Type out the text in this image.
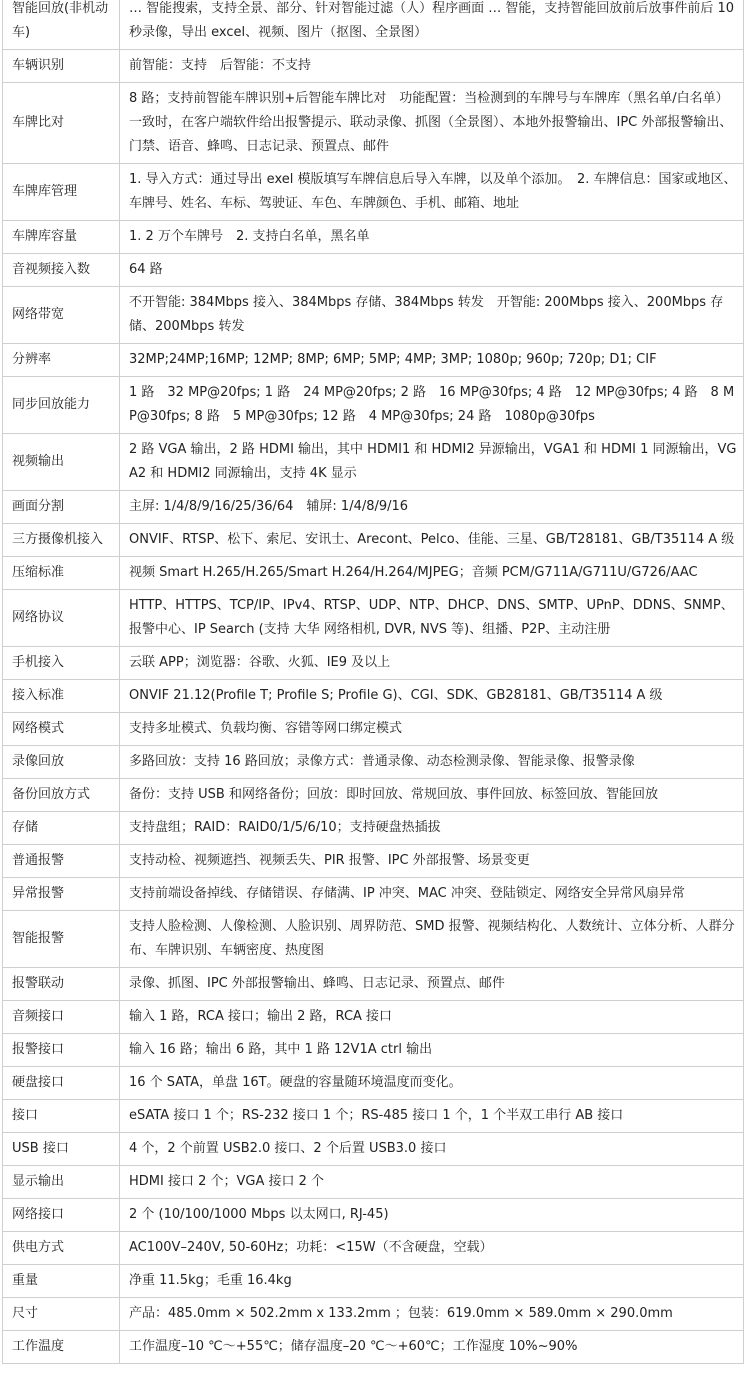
智能回放(非机动车)	… 智能搜索，支持全景、部分、针对智能过滤（人）程序画面 … 智能，支持智能回放前后放事件前后 10 秒录像，导出 excel、视频、图片（抠图、全景图）
车辆识别	前智能：支持　后智能：不支持
车牌比对	8 路；支持前智能车牌识别+后智能车牌比对　功能配置：当检测到的车牌号与车牌库（黑名单/白名单）一致时，在客户端软件给出报警提示、联动录像、抓图（全景图）、本地外报警输出、IPC 外部报警输出、门禁、语音、蜂鸣、日志记录、预置点、邮件
车牌库管理	1. 导入方式：通过导出 exel 模版填写车牌信息后导入车牌，以及单个添加。　2. 车牌信息：国家或地区、车牌号、姓名、车标、驾驶证、车色、车牌颜色、手机、邮箱、地址
车牌库容量	1. 2 万个车牌号　2. 支持白名单，黑名单
音视频接入数	64 路
网络带宽	不开智能: 384Mbps 接入、384Mbps 存储、384Mbps 转发　开智能: 200Mbps 接入、200Mbps 存储、200Mbps 转发
分辨率	32MP;24MP;16MP; 12MP; 8MP; 6MP; 5MP; 4MP; 3MP; 1080p; 960p; 720p; D1; CIF
同步回放能力	1 路　32 MP@20fps; 1 路　24 MP@20fps; 2 路　16 MP@30fps; 4 路　12 MP@30fps; 4 路　8 MP@30fps; 8 路　5 MP@30fps; 12 路　4 MP@30fps; 24 路　1080p@30fps
视频输出	2 路 VGA 输出，2 路 HDMI 输出，其中 HDMI1 和 HDMI2 异源输出，VGA1 和 HDMI 1 同源输出，VGA2 和 HDMI2 同源输出，支持 4K 显示
画面分割	主屏: 1/4/8/9/16/25/36/64　辅屏: 1/4/8/9/16
三方摄像机接入	ONVIF、RTSP、松下、索尼、安讯士、Arecont、Pelco、佳能、三星、GB/T28181、GB/T35114 A 级
压缩标准	视频 Smart H.265/H.265/Smart H.264/H.264/MJPEG；音频 PCM/G711A/G711U/G726/AAC
网络协议	HTTP、HTTPS、TCP/IP、IPv4、RTSP、UDP、NTP、DHCP、DNS、SMTP、UPnP、DDNS、SNMP、报警中心、IP Search (支持 大华 网络相机, DVR, NVS 等)、组播、P2P、主动注册
手机接入	云联 APP；浏览器：谷歌、火狐、IE9 及以上
接入标准	ONVIF 21.12(Profile T; Profile S; Profile G)、CGI、SDK、GB28181、GB/T35114 A 级
网络模式	支持多址模式、负载均衡、容错等网口绑定模式
录像回放	多路回放：支持 16 路回放；录像方式：普通录像、动态检测录像、智能录像、报警录像
备份回放方式	备份：支持 USB 和网络备份；回放：即时回放、常规回放、事件回放、标签回放、智能回放
存储	支持盘组；RAID：RAID0/1/5/6/10；支持硬盘热插拔
普通报警	支持动检、视频遮挡、视频丢失、PIR 报警、IPC 外部报警、场景变更
异常报警	支持前端设备掉线、存储错误、存储满、IP 冲突、MAC 冲突、登陆锁定、网络安全异常风扇异常
智能报警	支持人脸检测、人像检测、人脸识别、周界防范、SMD 报警、视频结构化、人数统计、立体分析、人群分布、车牌识别、车辆密度、热度图
报警联动	录像、抓图、IPC 外部报警输出、蜂鸣、日志记录、预置点、邮件
音频接口	输入 1 路，RCA 接口；输出 2 路，RCA 接口
报警接口	输入 16 路；输出 6 路，其中 1 路 12V1A ctrl 输出
硬盘接口	16 个 SATA，单盘 16T。硬盘的容量随环境温度而变化。
接口	eSATA 接口 1 个；RS-232 接口 1 个；RS-485 接口 1 个，1 个半双工串行 AB 接口
USB 接口	4 个，2 个前置 USB2.0 接口、2 个后置 USB3.0 接口
显示输出	HDMI 接口 2 个；VGA 接口 2 个
网络接口	2 个 (10/100/1000 Mbps 以太网口, RJ-45)
供电方式	AC100V–240V, 50-60Hz；功耗：<15W（不含硬盘，空载）
重量	净重 11.5kg；毛重 16.4kg
尺寸	产品：485.0mm × 502.2mm x 133.2mm ；包装：619.0mm × 589.0mm × 290.0mm
工作温度	工作温度–10 ℃～+55℃；储存温度–20 ℃～+60℃；工作湿度 10%~90%
